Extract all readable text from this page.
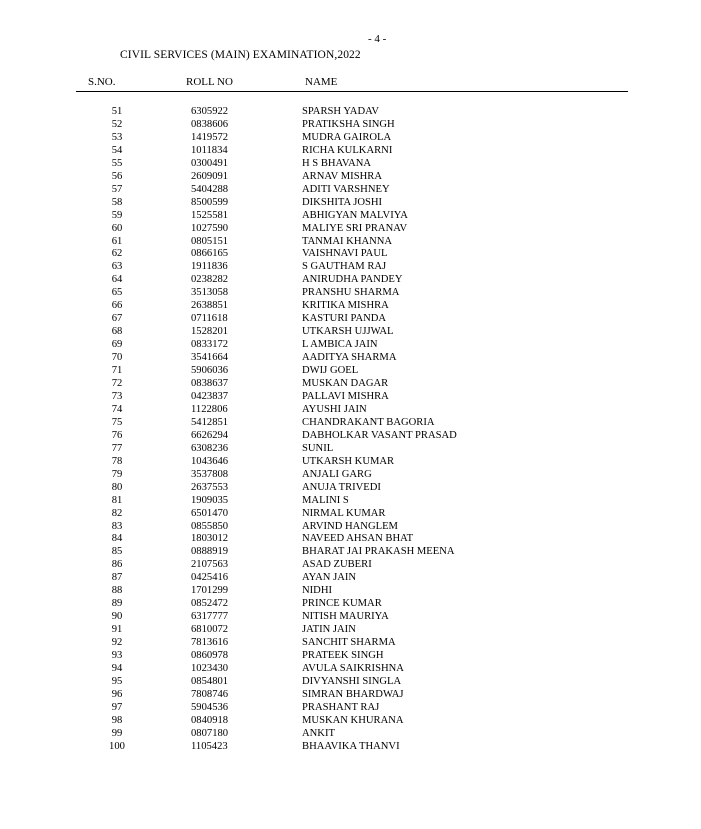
- 4 -
CIVIL SERVICES (MAIN) EXAMINATION,2022
S.NO.	ROLL NO	NAME
51	6305922	SPARSH YADAV
52	0838606	PRATIKSHA SINGH
53	1419572	MUDRA GAIROLA
54	1011834	RICHA KULKARNI
55	0300491	H S BHAVANA
56	2609091	ARNAV MISHRA
57	5404288	ADITI VARSHNEY
58	8500599	DIKSHITA JOSHI
59	1525581	ABHIGYAN MALVIYA
60	1027590	MALIYE SRI PRANAV
61	0805151	TANMAI KHANNA
62	0866165	VAISHNAVI PAUL
63	1911836	S GAUTHAM RAJ
64	0238282	ANIRUDHA PANDEY
65	3513058	PRANSHU SHARMA
66	2638851	KRITIKA MISHRA
67	0711618	KASTURI PANDA
68	1528201	UTKARSH UJJWAL
69	0833172	L AMBICA JAIN
70	3541664	AADITYA SHARMA
71	5906036	DWIJ GOEL
72	0838637	MUSKAN DAGAR
73	0423837	PALLAVI MISHRA
74	1122806	AYUSHI JAIN
75	5412851	CHANDRAKANT BAGORIA
76	6626294	DABHOLKAR VASANT PRASAD
77	6308236	SUNIL
78	1043646	UTKARSH KUMAR
79	3537808	ANJALI GARG
80	2637553	ANUJA TRIVEDI
81	1909035	MALINI S
82	6501470	NIRMAL KUMAR
83	0855850	ARVIND HANGLEM
84	1803012	NAVEED AHSAN BHAT
85	0888919	BHARAT JAI PRAKASH MEENA
86	2107563	ASAD ZUBERI
87	0425416	AYAN JAIN
88	1701299	NIDHI
89	0852472	PRINCE KUMAR
90	6317777	NITISH MAURIYA
91	6810072	JATIN JAIN
92	7813616	SANCHIT SHARMA
93	0860978	PRATEEK SINGH
94	1023430	AVULA SAIKRISHNA
95	0854801	DIVYANSHI SINGLA
96	7808746	SIMRAN BHARDWAJ
97	5904536	PRASHANT RAJ
98	0840918	MUSKAN KHURANA
99	0807180	ANKIT
100	1105423	BHAAVIKA THANVI
